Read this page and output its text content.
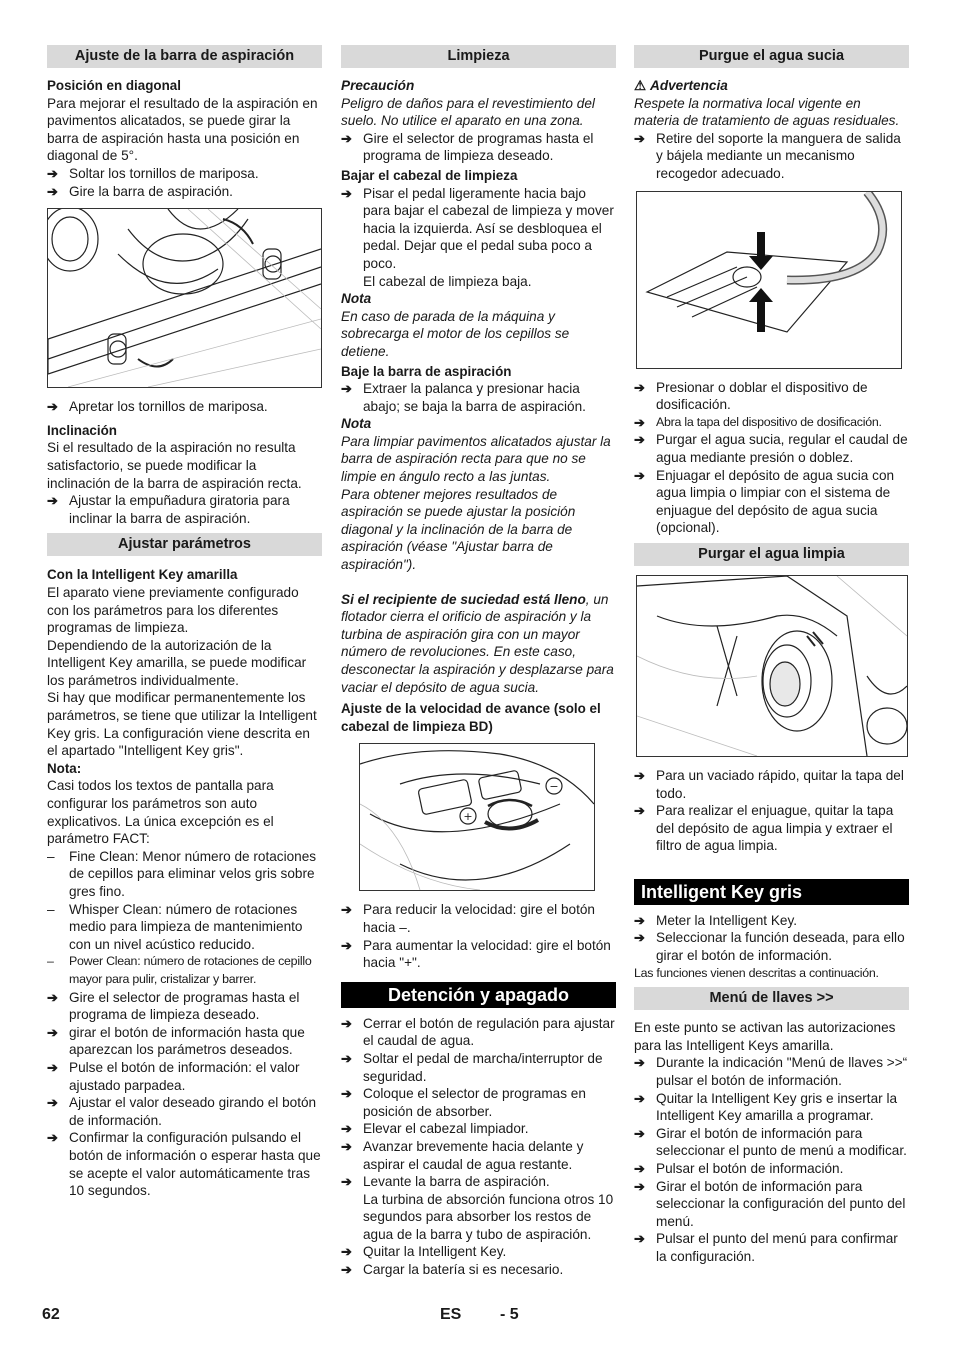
Ajuste de la barra de aspiración
Posición en diagonal

Para mejorar el resultado de la aspiración en pavimentos alicatados, se puede girar la barra de aspiración hasta una posición en diagonal de 5°.

➔ Soltar los tornillos de mariposa.
➔ Gire la barra de aspiración.
➔ Apretar los tornillos de mariposa.
Inclinación

Si el resultado de la aspiración no resulta satisfactorio, se puede modificar la inclinación de la barra de aspiración recta.

➔ Ajustar la empuñadura giratoria para inclinar la barra de aspiración.
Ajustar parámetros
Con la Intelligent Key amarilla

El aparato viene previamente configurado con los parámetros para los diferentes programas de limpieza.

Dependiendo de la autorización de la Intelligent Key amarilla, se puede modificar los parámetros individualmente.

Si hay que modificar permanentemente los parámetros, se tiene que utilizar la Intelligent Key gris. La configuración viene descrita en el apartado "Intelligent Key gris".

Nota:

Casi todos los textos de pantalla para configurar los parámetros son auto explicativos. La única excepción es el parámetro FACT:

–	Fine Clean: Menor número de rotaciones de cepillos para eliminar velos gris sobre gres fino.
–	Whisper Clean: número de rotaciones medio para limpieza de mantenimiento con un nivel acústico reducido.
–	Power Clean: número de rotaciones de cepillo mayor para pulir, cristalizar y barrer.
➔ Gire el selector de programas hasta el programa de limpieza deseado.
➔ girar el botón de información hasta que aparezcan los parámetros deseados.
➔ Pulse el botón de información: el valor ajustado parpadea.
➔ Ajustar el valor deseado girando el botón de información.
➔ Confirmar la configuración pulsando el botón de información o esperar hasta que se acepte el valor automáticamente tras 10 segundos.
Limpieza
Precaución

Peligro de daños para el revestimiento del suelo. No utilice el aparato en una zona.

➔ Gire el selector de programas hasta el programa de limpieza deseado.
Bajar el cabezal de limpieza
➔ Pisar el pedal ligeramente hacia bajo para bajar el cabezal de limpieza y mover hacia la izquierda. Así se desbloquea el pedal. Dejar que el pedal suba poco a poco.
El cabezal de limpieza baja.
Nota

En caso de parada de la máquina y sobrecarga el motor de los cepillos se detiene.

Baje la barra de aspiración
➔ Extraer la palanca y presionar hacia abajo; se baja la barra de aspiración.
Nota

Para limpiar pavimentos alicatados ajustar la barra de aspiración recta para que no se limpie en ángulo recto a las juntas.

Para obtener mejores resultados de aspiración se puede ajustar la posición diagonal y la inclinación de la barra de aspiración (véase "Ajustar barra de aspiración").

Si el recipiente de suciedad está lleno, un flotador cierra el orificio de aspiración y la turbina de aspiración gira con un mayor número de revoluciones. En este caso, desconectar la aspiración y desplazarse para vaciar el depósito de agua sucia.

Ajuste de la velocidad de avance (solo el cabezal de limpieza BD)
+
−
➔ Para reducir la velocidad: gire el botón hacia –.
➔ Para aumentar la velocidad: gire el botón hacia "+".
Detención y apagado
➔ Cerrar el botón de regulación para ajustar el caudal de agua.
➔ Soltar el pedal de marcha/interruptor de seguridad.
➔ Coloque el selector de programas en posición de absorber.
➔ Elevar el cabezal limpiador.
➔ Avanzar brevemente hacia delante y aspirar el caudal de agua restante.
➔ Levante la barra de aspiración.
La turbina de absorción funciona otros 10 segundos para absorber los restos de agua de la barra y tubo de aspiración.
➔ Quitar la Intelligent Key.
➔ Cargar la batería si es necesario.
Purgue el agua sucia
⚠ Advertencia

Respete la normativa local vigente en materia de tratamiento de aguas residuales.

➔ Retire del soporte la manguera de salida y bájela mediante un mecanismo recogedor adecuado.
➔ Presionar o doblar el dispositivo de dosificación.
➔ Abra la tapa del dispositivo de dosificación.
➔ Purgar el agua sucia, regular el caudal de agua mediante presión o doblez.
➔ Enjuagar el depósito de agua sucia con agua limpia o limpiar con el sistema de enjuague del depósito de agua sucia (opcional).
Purgar el agua limpia
➔ Para un vaciado rápido, quitar la tapa del todo.
➔ Para realizar el enjuague, quitar la tapa del depósito de agua limpia y extraer el filtro de agua limpia.
Intelligent Key gris
➔ Meter la Intelligent Key.
➔ Seleccionar la función deseada, para ello girar el botón de información.

Las funciones vienen descritas a continuación.

Menú de llaves >>

En este punto se activan las autorizaciones para las Intelligent Keys amarilla.

➔ Durante la indicación "Menú de llaves >>“ pulsar el botón de información.
➔ Quitar la Intelligent Key gris e insertar la Intelligent Key amarilla a programar.
➔ Girar el botón de información para seleccionar el punto de menú a modificar.
➔ Pulsar el botón de información.
➔ Girar el botón de información para seleccionar la configuración del punto del menú.
➔ Pulsar el punto del menú para confirmar la configuración.
62	ES - 5
